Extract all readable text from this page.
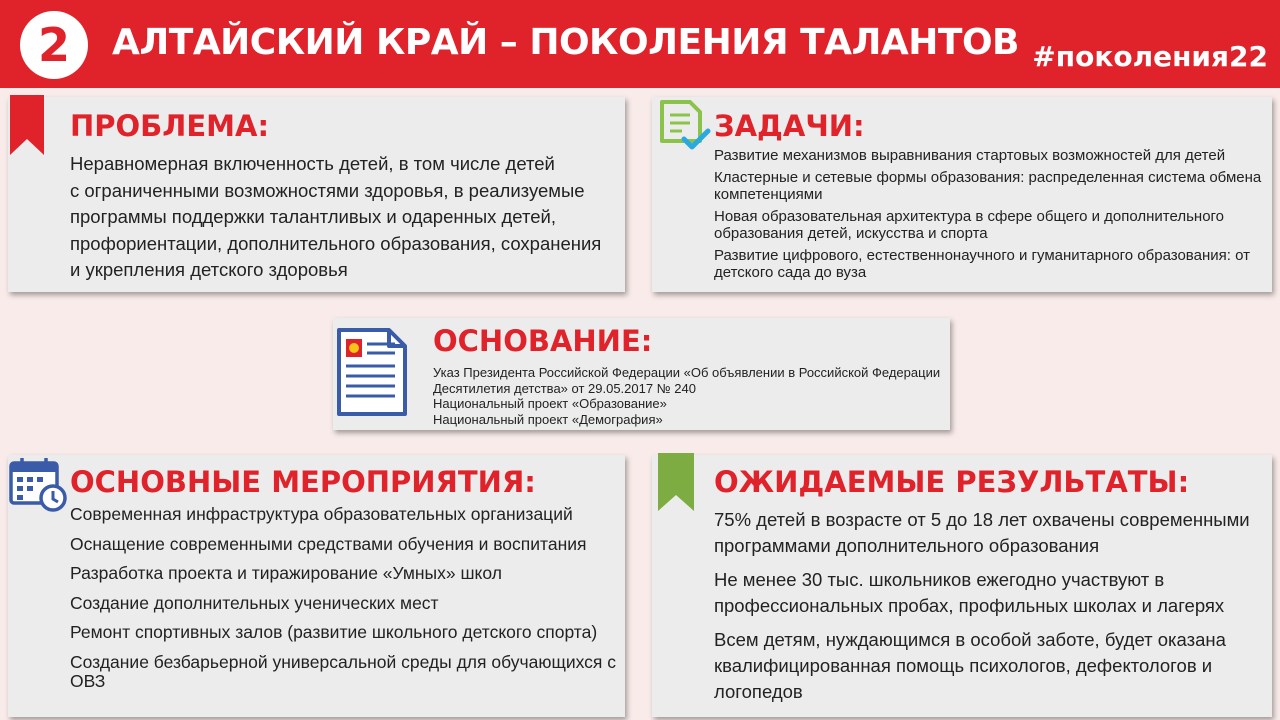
2	АЛТАЙСКИЙ КРАЙ – ПОКОЛЕНИЯ ТАЛАНТОВ #поколения22
ПРОБЛЕМА:
Неравномерная включенность детей, в том числе детей
с ограниченными возможностями здоровья, в реализуемые
программы поддержки талантливых и одаренных детей,
профориентации, дополнительного образования, сохранения
и укрепления детского здоровья
ЗАДАЧИ:
Развитие механизмов выравнивания стартовых возможностей для детей
Кластерные и сетевые формы образования: распределенная система обмена компетенциями
Новая образовательная архитектура в сфере общего и дополнительного образования детей, искусства и спорта
Развитие цифрового, естественнонаучного и гуманитарного образования: от детского сада до вуза
ОСНОВАНИЕ:
Указ Президента Российской Федерации «Об объявлении в Российской Федерации Десятилетия детства» от 29.05.2017 № 240
Национальный проект «Образование»
Национальный проект «Демография»
ОСНОВНЫЕ МЕРОПРИЯТИЯ:
Современная инфраструктура образовательных организаций
Оснащение современными средствами обучения и воспитания
Разработка проекта и тиражирование «Умных» школ
Создание дополнительных ученических мест
Ремонт спортивных залов (развитие школьного детского спорта)
Создание безбарьерной универсальной среды для обучающихся с ОВЗ
ОЖИДАЕМЫЕ РЕЗУЛЬТАТЫ:
75% детей в возрасте от 5 до 18 лет охвачены современными программами дополнительного образования
Не менее 30 тыс. школьников ежегодно участвуют в профессиональных пробах, профильных школах и лагерях
Всем детям, нуждающимся в особой заботе, будет оказана квалифицированная помощь психологов, дефектологов и логопедов
